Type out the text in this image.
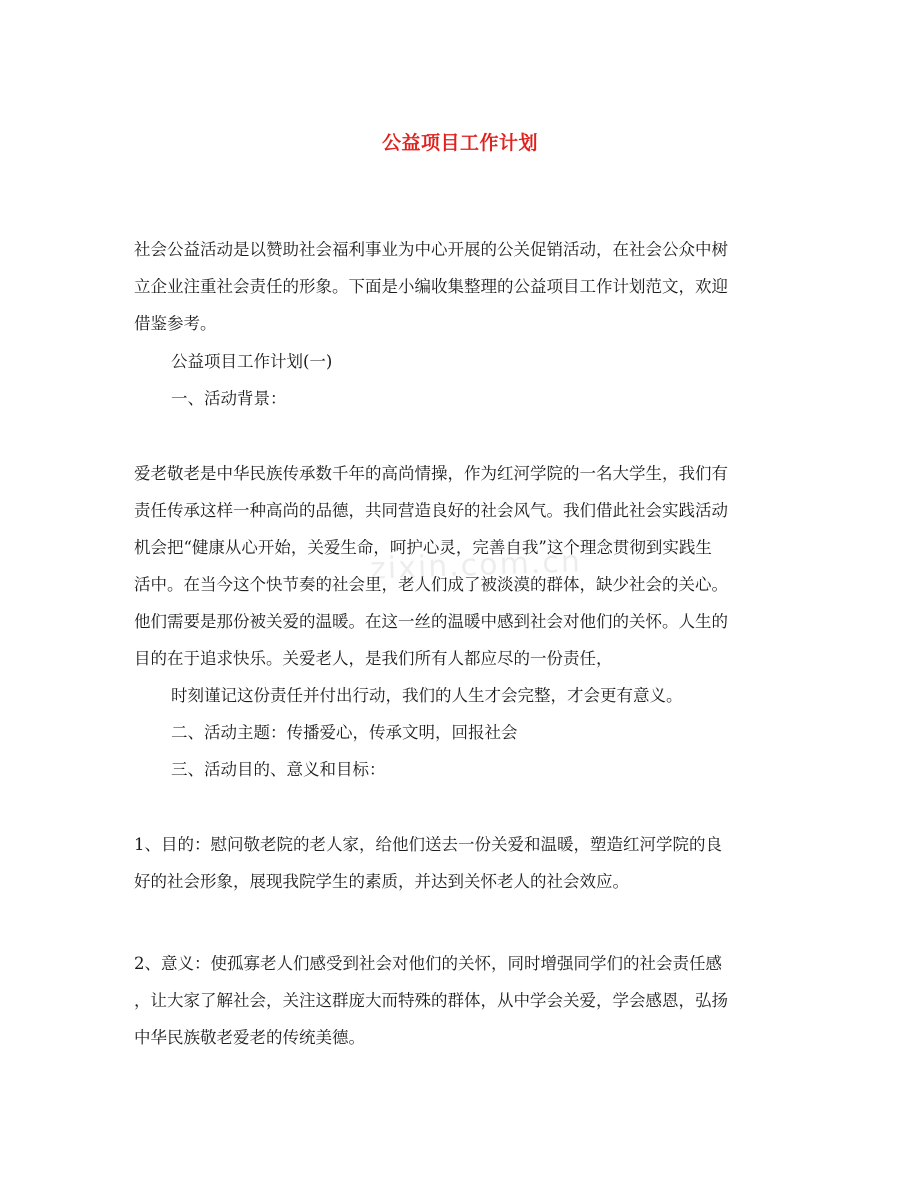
zixin.com.cn
公益项目工作计划
社会公益活动是以赞助社会福利事业为中心开展的公关促销活动，在社会公众中树
立企业注重社会责任的形象。下面是小编收集整理的公益项目工作计划范文，欢迎
借鉴参考。
公益项目工作计划(一)
一、活动背景：
爱老敬老是中华民族传承数千年的高尚情操，作为红河学院的一名大学生，我们有
责任传承这样一种高尚的品德，共同营造良好的社会风气。我们借此社会实践活动
机会把“健康从心开始，关爱生命，呵护心灵，完善自我”这个理念贯彻到实践生
活中。在当今这个快节奏的社会里，老人们成了被淡漠的群体，缺少社会的关心。
他们需要是那份被关爱的温暖。在这一丝的温暖中感到社会对他们的关怀。人生的
目的在于追求快乐。关爱老人，是我们所有人都应尽的一份责任，
时刻谨记这份责任并付出行动，我们的人生才会完整，才会更有意义。
二、活动主题：传播爱心，传承文明，回报社会
三、活动目的、意义和目标：
1、目的：慰问敬老院的老人家，给他们送去一份关爱和温暖，塑造红河学院的良
好的社会形象，展现我院学生的素质，并达到关怀老人的社会效应。
2、意义：使孤寡老人们感受到社会对他们的关怀，同时增强同学们的社会责任感
，让大家了解社会，关注这群庞大而特殊的群体，从中学会关爱，学会感恩，弘扬
中华民族敬老爱老的传统美德。
